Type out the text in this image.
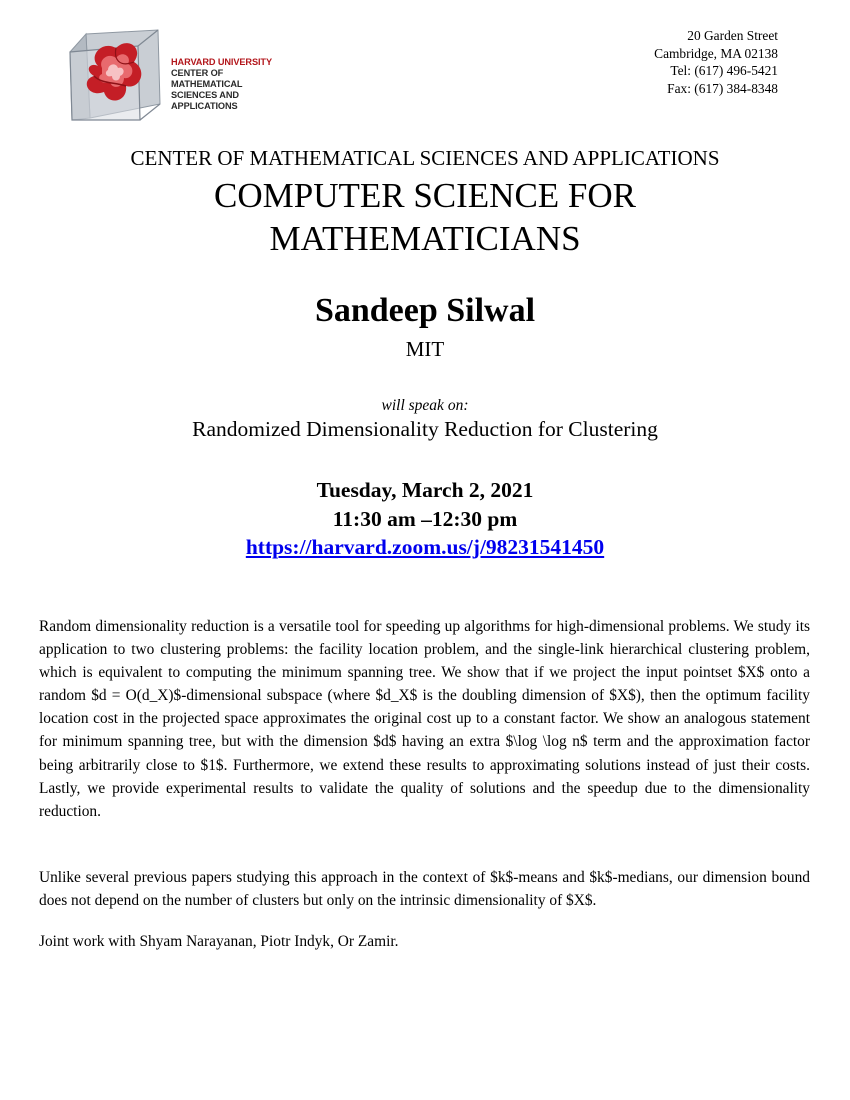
HARVARD UNIVERSITY
CENTER OF MATHEMATICAL
SCIENCES AND APPLICATIONS
20 Garden Street
Cambridge, MA 02138
Tel: (617) 496-5421
Fax: (617) 384-8348
CENTER OF MATHEMATICAL SCIENCES AND APPLICATIONS
COMPUTER SCIENCE FOR
MATHEMATICIANS
Sandeep Silwal
MIT
will speak on:
Randomized Dimensionality Reduction for Clustering
Tuesday, March 2, 2021
11:30 am –12:30 pm
https://harvard.zoom.us/j/98231541450

Random dimensionality reduction is a versatile tool for speeding up algorithms for high-dimensional problems. We study its application to two clustering problems: the facility location problem, and the single-link hierarchical clustering problem, which is equivalent to computing the minimum spanning tree. We show that if we project the input pointset $X$ onto a random $d = O(d_X)$-dimensional subspace (where $d_X$ is the doubling dimension of $X$), then the optimum facility location cost in the projected space approximates the original cost up to a constant factor. We show an analogous statement for minimum spanning tree, but with the dimension $d$ having an extra $\log \log n$ term and the approximation factor being arbitrarily close to $1$. Furthermore, we extend these results to approximating solutions instead of just their costs. Lastly, we provide experimental results to validate the quality of solutions and the speedup due to the dimensionality reduction.

Unlike several previous papers studying this approach in the context of $k$-means and $k$-medians, our dimension bound does not depend on the number of clusters but only on the intrinsic dimensionality of $X$.

Joint work with Shyam Narayanan, Piotr Indyk, Or Zamir.
